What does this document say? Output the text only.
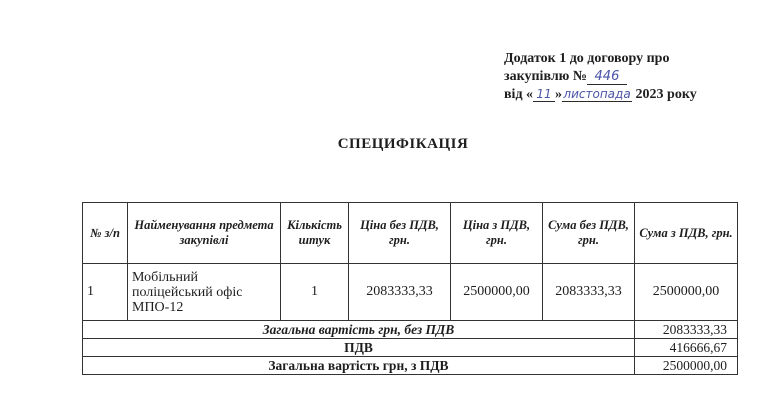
Додаток 1 до договору про
закупівлю № 446
від « 11 »листопада 2023 року
СПЕЦИФІКАЦІЯ
№ з/п	Найменування предмета закупівлі	Кількість штук	Ціна без ПДВ, грн.	Ціна з ПДВ, грн.	Сума без ПДВ, грн.	Сума з ПДВ, грн.
1	Мобільний поліцейський офіс МПО-12	1	2083333,33	2500000,00	2083333,33	2500000,00
Загальна вартість грн, без ПДВ						2083333,33
ПДВ						416666,67
Загальна вартість грн, з ПДВ						2500000,00
